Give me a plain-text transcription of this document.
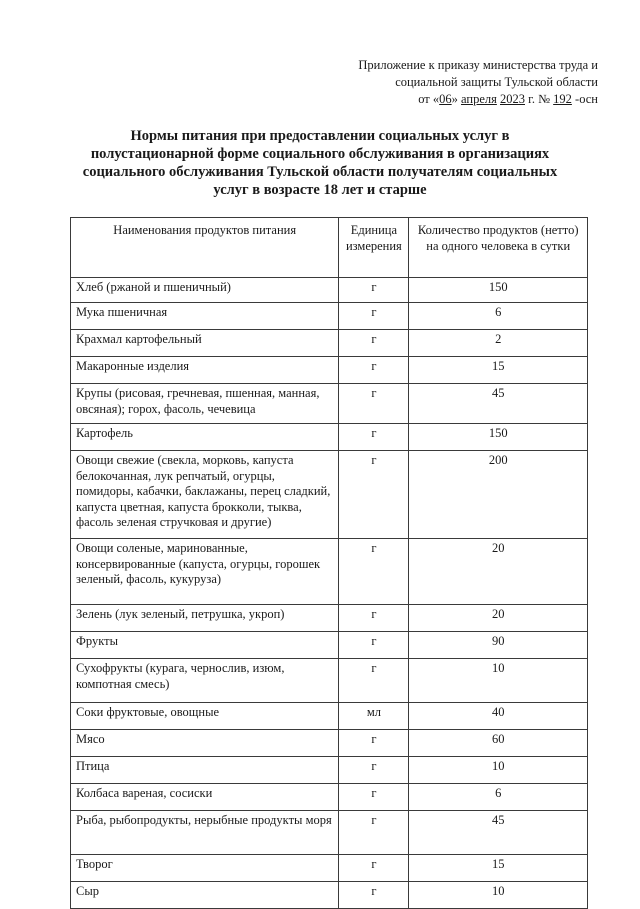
Приложение к приказу министерства труда и
социальной защиты Тульской области
от «06» апреля 2023 г. № 192 -осн
Нормы питания при предоставлении социальных услуг в полустационарной форме социального обслуживания в организациях социального обслуживания Тульской области получателям социальных услуг в возрасте 18 лет и старше
Наименования продуктов питания	Единица измерения	Количество продуктов (нетто) на одного человека в сутки
Хлеб (ржаной и пшеничный)	г	150
Мука пшеничная	г	6
Крахмал картофельный	г	2
Макаронные изделия	г	15
Крупы (рисовая, гречневая, пшенная, манная, овсяная); горох, фасоль, чечевица	г	45
Картофель	г	150
Овощи свежие (свекла, морковь, капуста белокочанная, лук репчатый, огурцы, помидоры, кабачки, баклажаны, перец сладкий, капуста цветная, капуста брокколи, тыква, фасоль зеленая стручковая и другие)	г	200
Овощи соленые, маринованные, консервированные (капуста, огурцы, горошек зеленый, фасоль, кукуруза)	г	20
Зелень (лук зеленый, петрушка, укроп)	г	20
Фрукты	г	90
Сухофрукты (курага, чернослив, изюм, компотная смесь)	г	10
Соки фруктовые, овощные	мл	40
Мясо	г	60
Птица	г	10
Колбаса вареная, сосиски	г	6
Рыба, рыбопродукты, нерыбные продукты моря	г	45
Творог	г	15
Сыр	г	10
